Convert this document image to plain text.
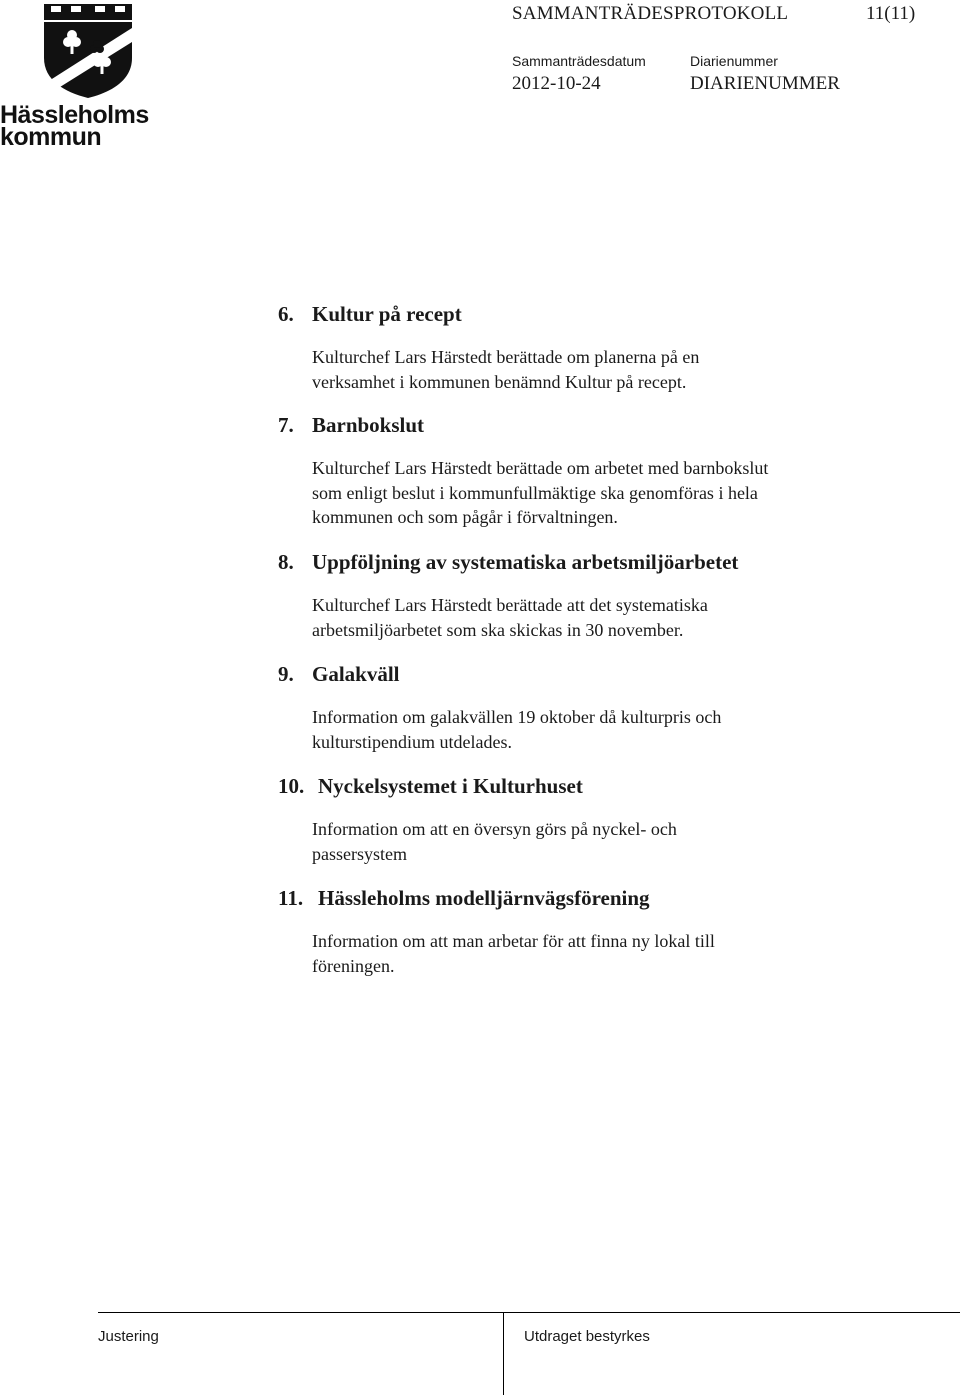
Hässleholms
kommun
SAMMANTRÄDESPROTOKOLL	11(11)
Sammanträdesdatum
2012-10-24
Diarienummer
DIARIENUMMER
6. Kultur på recept
Kulturchef Lars Härstedt berättade om planerna på en
verksamhet i kommunen benämnd Kultur på recept.
7. Barnbokslut
Kulturchef Lars Härstedt berättade om arbetet med barnbokslut
som enligt beslut i kommunfullmäktige ska genomföras i hela
kommunen och som pågår i förvaltningen.
8. Uppföljning av systematiska arbetsmiljöarbetet
Kulturchef Lars Härstedt berättade att det systematiska
arbetsmiljöarbetet som ska skickas in 30 november.
9. Galakväll
Information om galakvällen 19 oktober då kulturpris och
kulturstipendium utdelades.
10. Nyckelsystemet i Kulturhuset
Information om att en översyn görs på nyckel- och
passersystem
11. Hässleholms modelljärnvägsförening
Information om att man arbetar för att finna ny lokal till
föreningen.
Justering	Utdraget bestyrkes
